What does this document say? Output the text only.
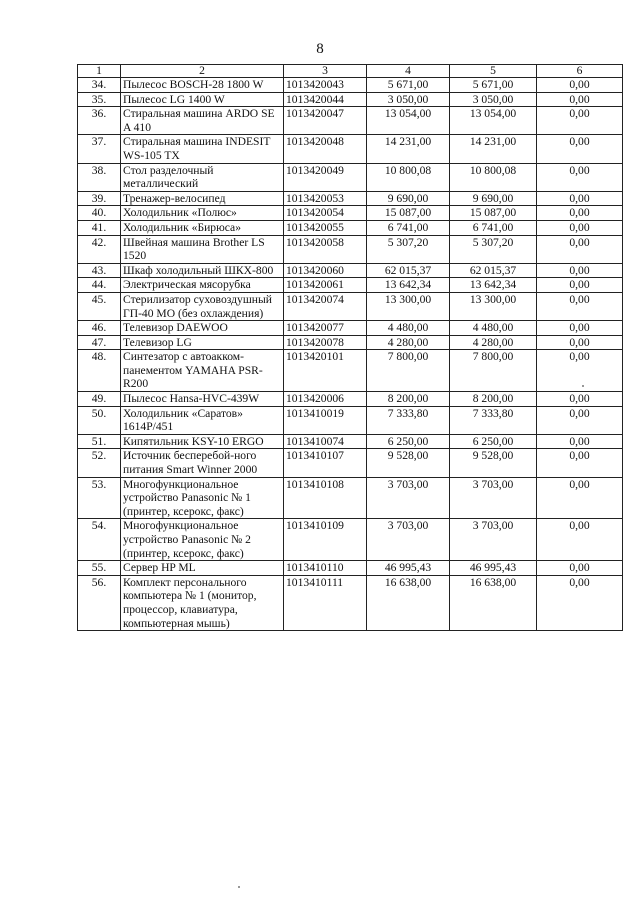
8
1	2	3	4	5	6
34.	Пылесос BOSCH-28 1800 W	1013420043	5 671,00	5 671,00	0,00
35.	Пылесос LG 1400 W	1013420044	3 050,00	3 050,00	0,00
36.	Стиральная машина ARDO SE A 410	1013420047	13 054,00	13 054,00	0,00
37.	Стиральная машина INDESIT WS-105 TX	1013420048	14 231,00	14 231,00	0,00
38.	Стол разделочный металлический	1013420049	10 800,08	10 800,08	0,00
39.	Тренажер-велосипед	1013420053	9 690,00	9 690,00	0,00
40.	Холодильник «Полюс»	1013420054	15 087,00	15 087,00	0,00
41.	Холодильник «Бирюса»	1013420055	6 741,00	6 741,00	0,00
42.	Швейная машина Brother LS 1520	1013420058	5 307,20	5 307,20	0,00
43.	Шкаф холодильный ШКХ-800	1013420060	62 015,37	62 015,37	0,00
44.	Электрическая мясорубка	1013420061	13 642,34	13 642,34	0,00
45.	Стерилизатор суховоздушный ГП-40 МО (без охлаждения)	1013420074	13 300,00	13 300,00	0,00
46.	Телевизор DAEWOO	1013420077	4 480,00	4 480,00	0,00
47.	Телевизор LG	1013420078	4 280,00	4 280,00	0,00
48.	Синтезатор с автоакком-панементом YAMAHA PSR-R200	1013420101	7 800,00	7 800,00	0,00
49.	Пылесос Hansa-HVC-439W	1013420006	8 200,00	8 200,00	0,00
50.	Холодильник «Саратов» 1614Р/451	1013410019	7 333,80	7 333,80	0,00
51.	Кипятильник KSY-10 ERGO	1013410074	6 250,00	6 250,00	0,00
52.	Источник бесперебой-ного питания Smart Winner 2000	1013410107	9 528,00	9 528,00	0,00
53.	Многофункциональное устройство Panasonic № 1 (принтер, ксерокс, факс)	1013410108	3 703,00	3 703,00	0,00
54.	Многофункциональное устройство Panasonic № 2 (принтер, ксерокс, факс)	1013410109	3 703,00	3 703,00	0,00
55.	Сервер HP ML	1013410110	46 995,43	46 995,43	0,00
56.	Комплект персонального компьютера № 1 (монитор, процессор, клавиатура, компьютерная мышь)	1013410111	16 638,00	16 638,00	0,00
